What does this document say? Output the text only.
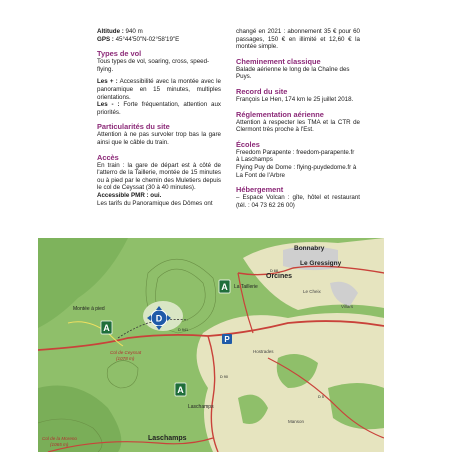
Altitude : 940 m

GPS : 45°44'50"N-02°58'19"E

Types de vol

Tous types de vol, soaring, cross, speed-flying.

Les + : Accessibilité avec la montée avec le panoramique en 15 minutes, multiples orientations.

Les - : Forte fréquentation, attention aux priorités.

Particularités du site

Attention à ne pas survoler trop bas la gare ainsi que le câble du train.

Accès

En train : la gare de départ est à côté de l'atterro de la Taillerie, montée de 15 minutes ou à pied par le chemin des Muletiers depuis le col de Ceyssat (30 à 40 minutes).

Accessible PMR : oui.

Les tarifs du Panoramique des Dômes ont

changé en 2021 : abonnement 35 € pour 60 passages, 150 € en illimité et 12,60 € la montée simple.

Cheminement classique

Balade aérienne le long de la Chaîne des Puys.

Record du site

François Le Hen, 174 km le 25 juillet 2018.

Réglementation aérienne

Attention à respecter les TMA et la CTR de Clermont très proche à l'Est.

Écoles

Freedom Parapente : freedom-parapente.fr

à Laschamps

Flying Puy de Dome : flying-puydedome.fr à

La Font de l'Arbre

Hébergement

– Espace Volcan : gîte, hôtel et restaurant (tél. : 04 73 62 26 00)

A
A
A
D
P
Bonnabry
Le Gressigny
Orcines
La Taillerie
Montée à pied
Col de Ceyssat
(1078 m)
Laschamps
Laschamps
Col de la Moreno
(1065 m)
Hostrades
Villars
Le Cheix
Manson
D 941
D 90
D 68
D 5
